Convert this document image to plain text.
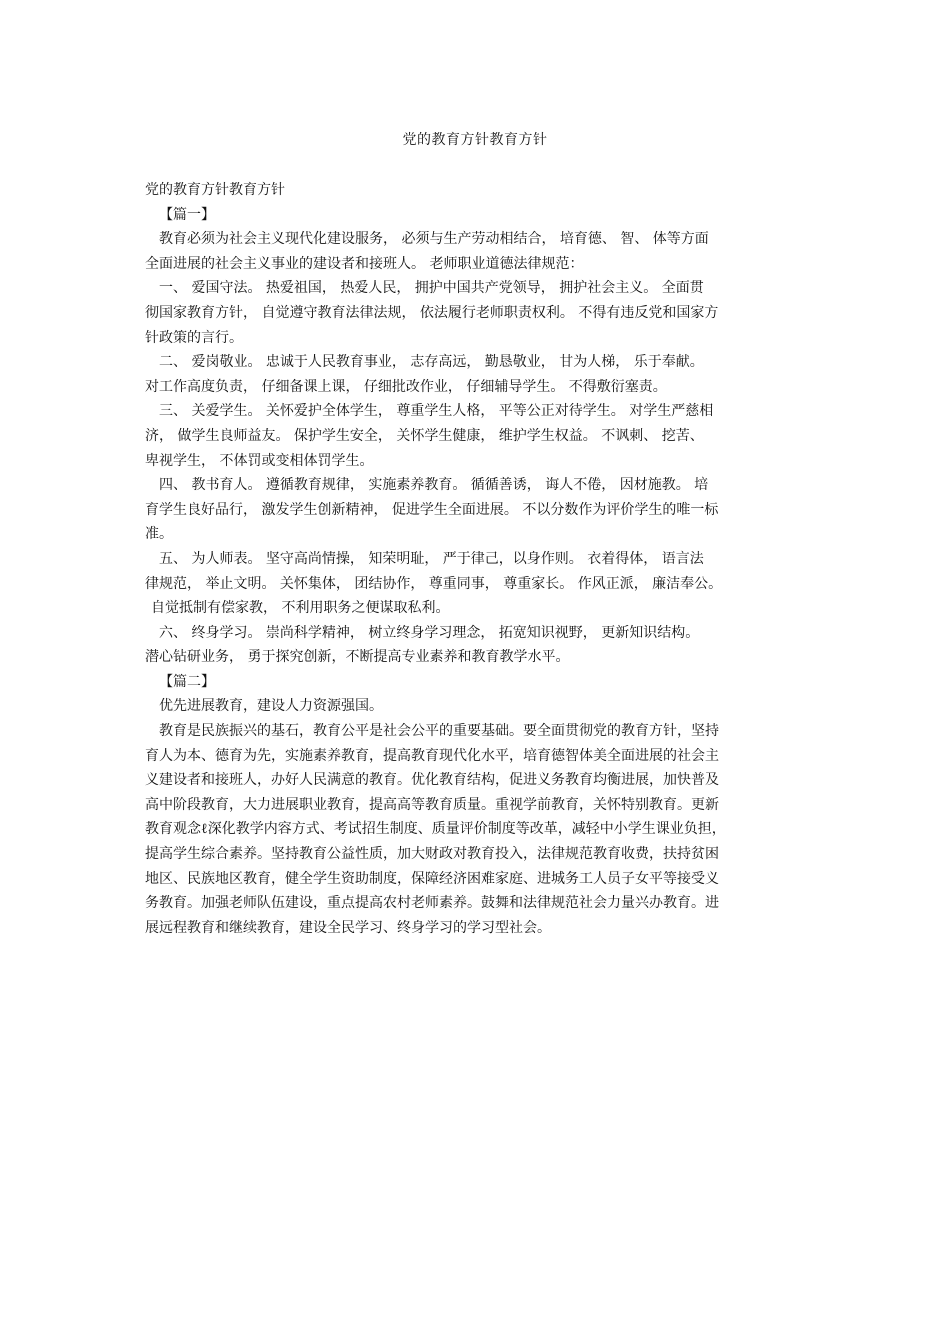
党的教育方针教育方针
党的教育方针教育方针
【篇一】
教育必须为社会主义现代化建设服务， 必须与生产劳动相结合， 培育德、 智、 体等方面
全面进展的社会主义事业的建设者和接班人。 老师职业道德法律规范：
一、 爱国守法。 热爱祖国， 热爱人民， 拥护中国共产党领导， 拥护社会主义。 全面贯
彻国家教育方针， 自觉遵守教育法律法规， 依法履行老师职责权利。 不得有违反党和国家方
针政策的言行。
二、 爱岗敬业。 忠诚于人民教育事业， 志存高远， 勤恳敬业， 甘为人梯， 乐于奉献。
对工作高度负责， 仔细备课上课， 仔细批改作业， 仔细辅导学生。 不得敷衍塞责。
三、 关爱学生。 关怀爱护全体学生， 尊重学生人格， 平等公正对待学生。 对学生严慈相
济， 做学生良师益友。 保护学生安全， 关怀学生健康， 维护学生权益。 不讽刺、 挖苦、
卑视学生， 不体罚或变相体罚学生。
四、 教书育人。 遵循教育规律， 实施素养教育。 循循善诱， 诲人不倦， 因材施教。 培
育学生良好品行， 激发学生创新精神， 促进学生全面进展。 不以分数作为评价学生的唯一标
准。
五、 为人师表。 坚守高尚情操， 知荣明耻， 严于律己，以身作则。 衣着得体， 语言法
律规范， 举止文明。 关怀集体， 团结协作， 尊重同事， 尊重家长。 作风正派， 廉洁奉公。
自觉抵制有偿家教， 不利用职务之便谋取私利。
六、 终身学习。 崇尚科学精神， 树立终身学习理念， 拓宽知识视野， 更新知识结构。
潜心钻研业务， 勇于探究创新，不断提高专业素养和教育教学水平。
【篇二】
优先进展教育，建设人力资源强国。
教育是民族振兴的基石，教育公平是社会公平的重要基础。要全面贯彻党的教育方针，坚持
育人为本、德育为先，实施素养教育，提高教育现代化水平，培育德智体美全面进展的社会主
义建设者和接班人，办好人民满意的教育。优化教育结构，促进义务教育均衡进展，加快普及
高中阶段教育，大力进展职业教育，提高高等教育质量。重视学前教育，关怀特别教育。更新
教育观念ℓ深化教学内容方式、考试招生制度、质量评价制度等改革，减轻中小学生课业负担，
提高学生综合素养。坚持教育公益性质，加大财政对教育投入，法律规范教育收费，扶持贫困
地区、民族地区教育，健全学生资助制度，保障经济困难家庭、进城务工人员子女平等接受义
务教育。加强老师队伍建设，重点提高农村老师素养。鼓舞和法律规范社会力量兴办教育。进
展远程教育和继续教育，建设全民学习、终身学习的学习型社会。
